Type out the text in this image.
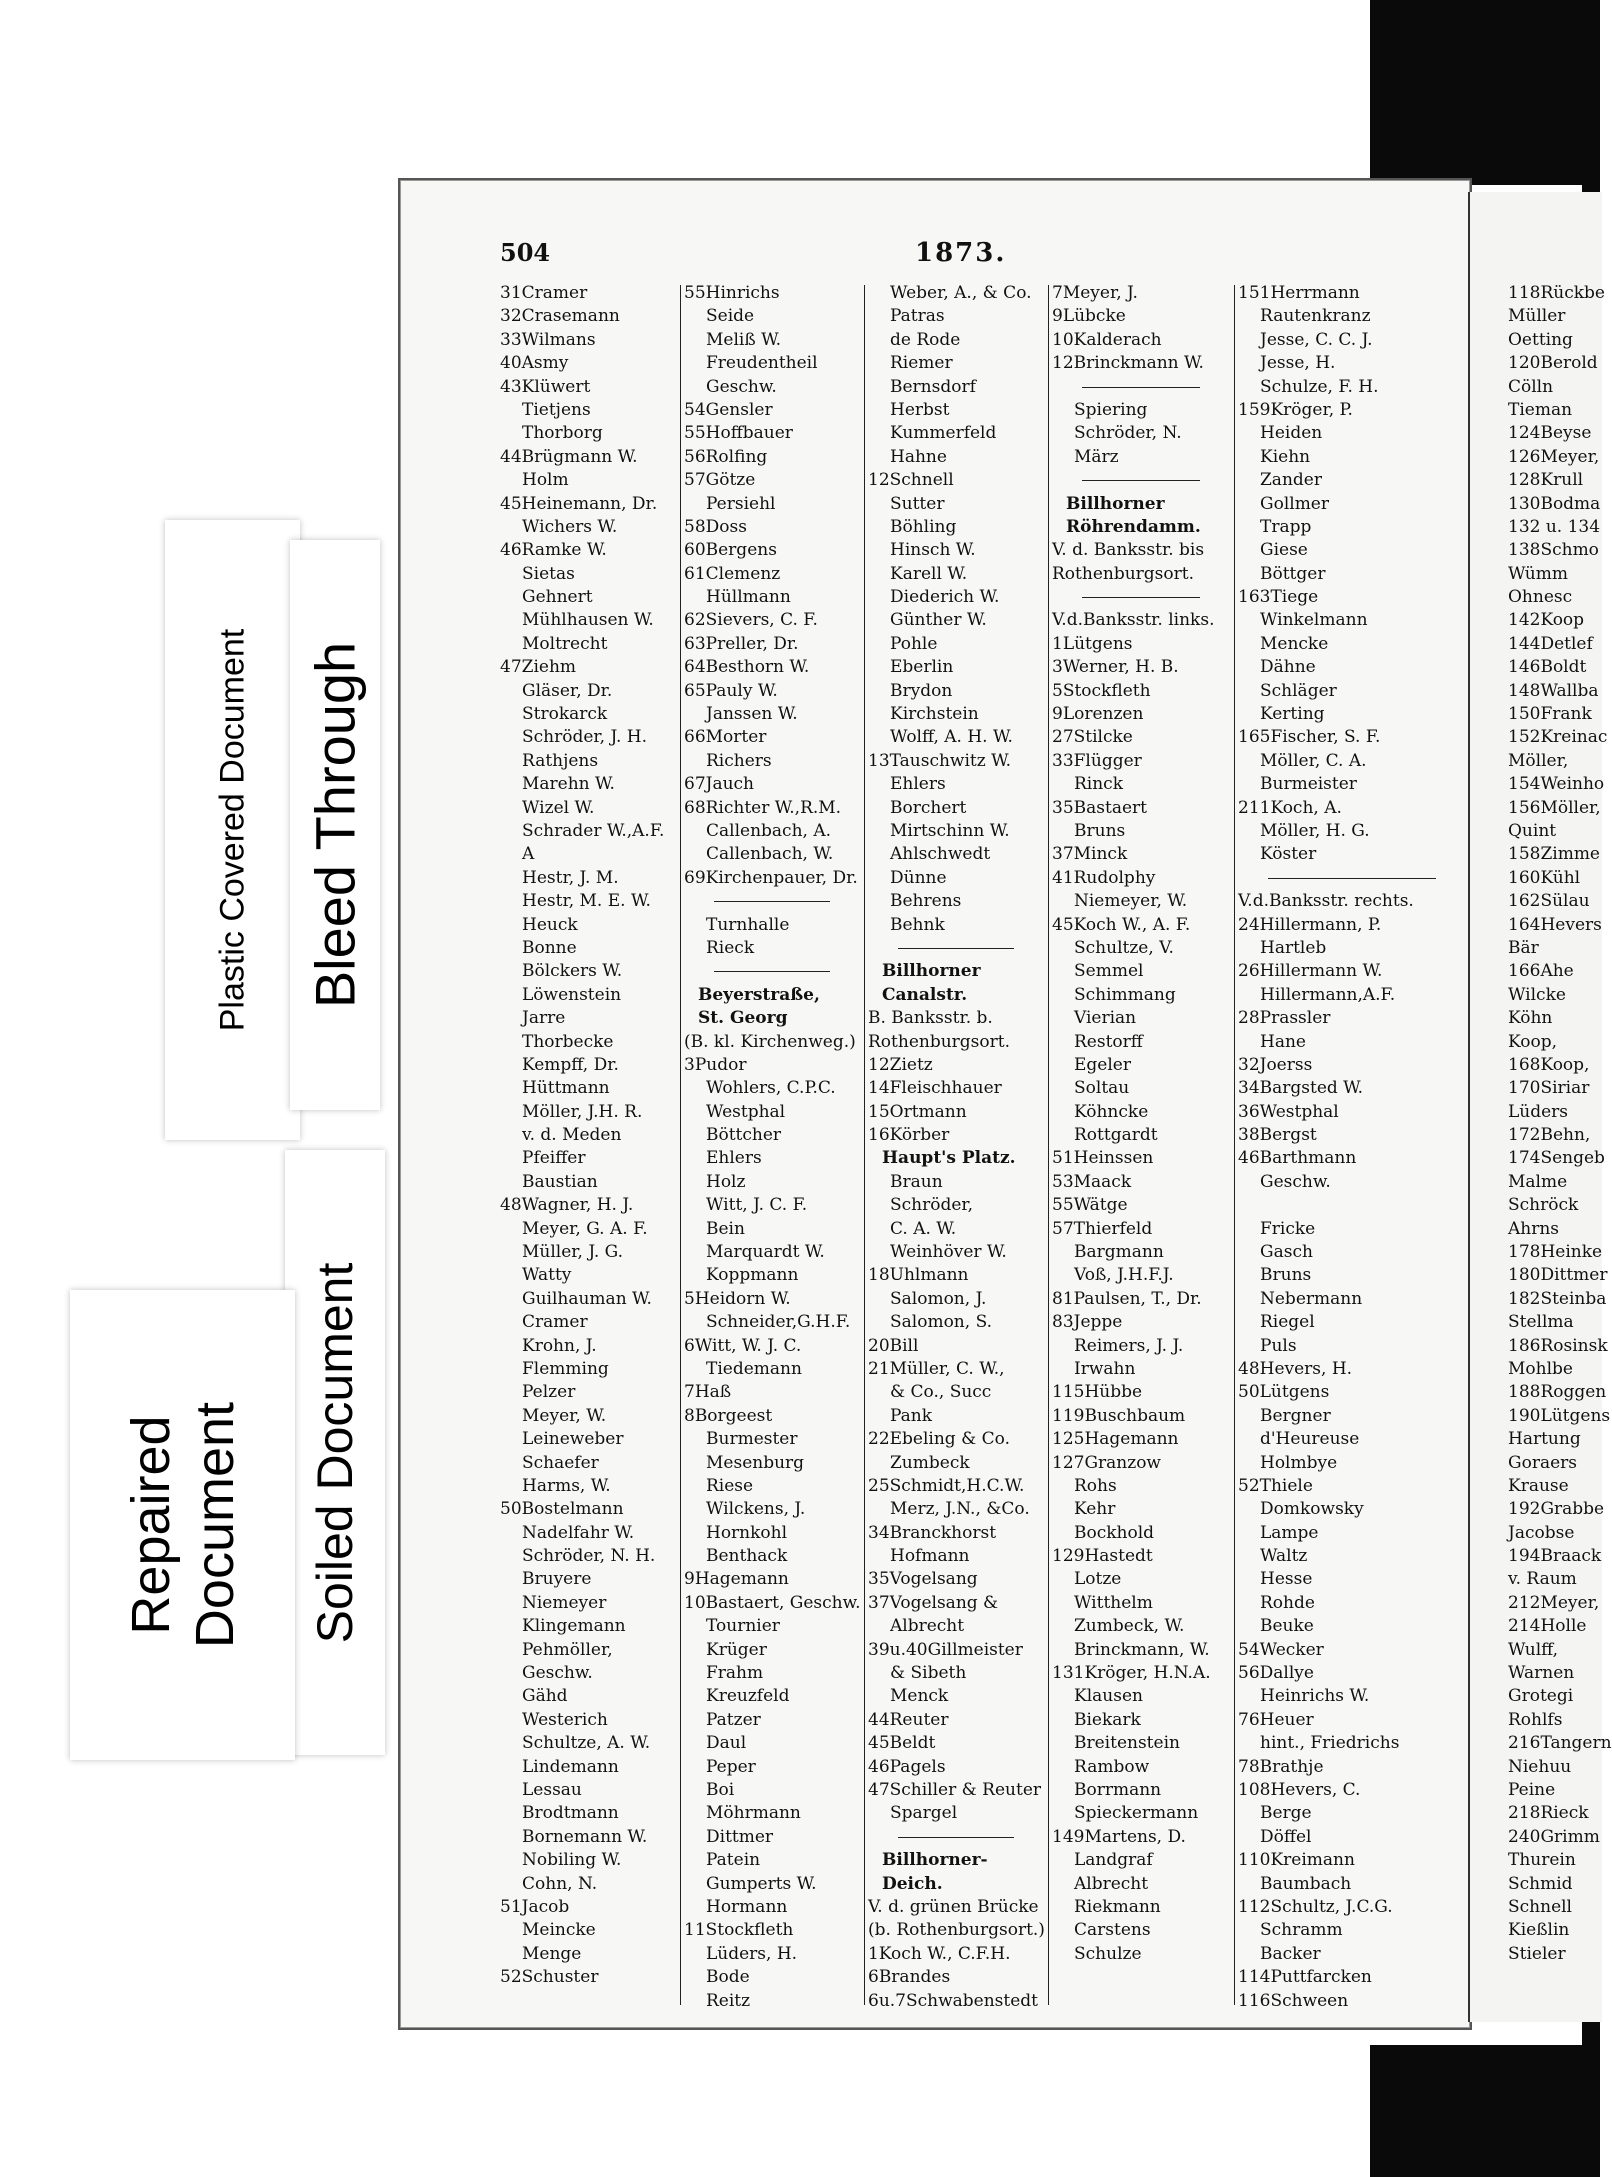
Plastic Covered Document Bleed Through
Soiled Document
Repaired
Document
504	1873.
31Cramer
32Crasemann
33Wilmans
40Asmy
43Klüwert
Tietjens
Thorborg
44Brügmann W.
Holm
45Heinemann, Dr.
Wichers W.
46Ramke W.
Sietas
Gehnert
Mühlhausen W.
Moltrecht
47Ziehm
Gläser, Dr.
Strokarck
Schröder, J. H.
Rathjens
Marehn W.
Wizel W.
Schrader W.,A.F.
A
Hestr, J. M.
Hestr, M. E. W.
Heuck
Bonne
Bölckers W.
Löwenstein
Jarre
Thorbecke
Kempff, Dr.
Hüttmann
Möller, J.H. R.
v. d. Meden
Pfeiffer
Baustian
48Wagner, H. J.
Meyer, G. A. F.
Müller, J. G.
Watty
Guilhauman W.
Cramer
Krohn, J.
Flemming
Pelzer
Meyer, W.
Leineweber
Schaefer
Harms, W.
50Bostelmann
Nadelfahr W.
Schröder, N. H.
Bruyere
Niemeyer
Klingemann
Pehmöller,
Geschw.
Gähd
Westerich
Schultze, A. W.
Lindemann
Lessau
Brodtmann
Bornemann W.
Nobiling W.
Cohn, N.
51Jacob
Meincke
Menge
52Schuster
55Hinrichs
Seide
Meliß W.
Freudentheil
Geschw.
54Gensler
55Hoffbauer
56Rolfing
57Götze
Persiehl
58Doss
60Bergens
61Clemenz
Hüllmann
62Sievers, C. F.
63Preller, Dr.
64Besthorn W.
65Pauly W.
Janssen W.
66Morter
Richers
67Jauch
68Richter W.,R.M.
Callenbach, A.
Callenbach, W.
69Kirchenpauer, Dr.
Turnhalle
Rieck
Beyerstraße,
St. Georg
(B. kl. Kirchenweg.)
3Pudor
Wohlers, C.P.C.
Westphal
Böttcher
Ehlers
Holz
Witt, J. C. F.
Bein
Marquardt W.
Koppmann
5Heidorn W.
Schneider,G.H.F.
6Witt, W. J. C.
Tiedemann
7Haß
8Borgeest
Burmester
Mesenburg
Riese
Wilckens, J.
Hornkohl
Benthack
9Hagemann
10Bastaert, Geschw.
Tournier
Krüger
Frahm
Kreuzfeld
Patzer
Daul
Peper
Boi
Möhrmann
Dittmer
Patein
Gumperts W.
Hormann
11Stockfleth
Lüders, H.
Bode
Reitz
Weber, A., & Co.
Patras
de Rode
Riemer
Bernsdorf
Herbst
Kummerfeld
Hahne
12Schnell
Sutter
Böhling
Hinsch W.
Karell W.
Diederich W.
Günther W.
Pohle
Eberlin
Brydon
Kirchstein
Wolff, A. H. W.
13Tauschwitz W.
Ehlers
Borchert
Mirtschinn W.
Ahlschwedt
Dünne
Behrens
Behnk
Billhorner
Canalstr.
B. Banksstr. b.
Rothenburgsort.
12Zietz
14Fleischhauer
15Ortmann
16Körber
Haupt's Platz.
Braun
Schröder,
C. A. W.
Weinhöver W.
18Uhlmann
Salomon, J.
Salomon, S.
20Bill
21Müller, C. W.,
& Co., Succ
Pank
22Ebeling & Co.
Zumbeck
25Schmidt,H.C.W.
Merz, J.N., &Co.
34Branckhorst
Hofmann
35Vogelsang
37Vogelsang &
Albrecht
39u.40Gillmeister
& Sibeth
Menck
44Reuter
45Beldt
46Pagels
47Schiller & Reuter
Spargel
Billhorner-
Deich.
V. d. grünen Brücke
(b. Rothenburgsort.)
1Koch W., C.F.H.
6Brandes
6u.7Schwabenstedt
7Meyer, J.
9Lübcke
10Kalderach
12Brinckmann W.
Spiering
Schröder, N.
März
Billhorner
Röhrendamm.
V. d. Banksstr. bis
Rothenburgsort.
V.d.Banksstr. links.
1Lütgens
3Werner, H. B.
5Stockfleth
9Lorenzen
27Stilcke
33Flügger
Rinck
35Bastaert
Bruns
37Minck
41Rudolphy
Niemeyer, W.
45Koch W., A. F.
Schultze, V.
Semmel
Schimmang
Vierian
Restorff
Egeler
Soltau
Köhncke
Rottgardt
51Heinssen
53Maack
55Wätge
57Thierfeld
Bargmann
Voß, J.H.F.J.
81Paulsen, T., Dr.
83Jeppe
Reimers, J. J.
Irwahn
115Hübbe
119Buschbaum
125Hagemann
127Granzow
Rohs
Kehr
Bockhold
129Hastedt
Lotze
Witthelm
Zumbeck, W.
Brinckmann, W.
131Kröger, H.N.A.
Klausen
Biekark
Breitenstein
Rambow
Borrmann
Spieckermann
149Martens, D.
Landgraf
Albrecht
Riekmann
Carstens
Schulze
151Herrmann
Rautenkranz
Jesse, C. C. J.
Jesse, H.
Schulze, F. H.
159Kröger, P.
Heiden
Kiehn
Zander
Gollmer
Trapp
Giese
Böttger
163Tiege
Winkelmann
Mencke
Dähne
Schläger
Kerting
165Fischer, S. F.
Möller, C. A.
Burmeister
211Koch, A.
Möller, H. G.
Köster
V.d.Banksstr. rechts.
24Hillermann, P.
Hartleb
26Hillermann W.
Hillermann,A.F.
28Prassler
Hane
32Joerss
34Bargsted W.
36Westphal
38Bergst
46Barthmann
Geschw.
Fricke
Gasch
Bruns
Nebermann
Riegel
Puls
48Hevers, H.
50Lütgens
Bergner
d'Heureuse
Holmbye
52Thiele
Domkowsky
Lampe
Waltz
Hesse
Rohde
Beuke
54Wecker
56Dallye
Heinrichs W.
76Heuer
hint., Friedrichs
78Brathje
108Hevers, C.
Berge
Döffel
110Kreimann
Baumbach
112Schultz, J.C.G.
Schramm
Backer
114Puttfarcken
116Schween
118Rückbe
Müller
Oetting
120Berold
Cölln
Tieman
124Beyse
126Meyer,
128Krull
130Bodma
132 u. 134
138Schmo
Wümm
Ohnesc
142Koop
144Detlef
146Boldt
148Wallba
150Frank
152Kreinac
Möller,
154Weinho
156Möller,
Quint
158Zimme
160Kühl
162Sülau
164Hevers
Bär
166Ahe
Wilcke
Köhn
Koop,
168Koop,
170Siriar
Lüders
172Behn,
174Sengeb
Malme
Schröck
Ahrns
178Heinke
180Dittmer
182Steinba
Stellma
186Rosinsk
Mohlbe
188Roggen
190Lütgens
Hartung
Goraers
Krause
192Grabbe
Jacobse
194Braack
v. Raum
212Meyer,
214Holle
Wulff,
Warnen
Grotegi
Rohlfs
216Tangern
Niehuu
Peine
218Rieck
240Grimm
Thurein
Schmid
Schnell
Kießlin
Stieler
